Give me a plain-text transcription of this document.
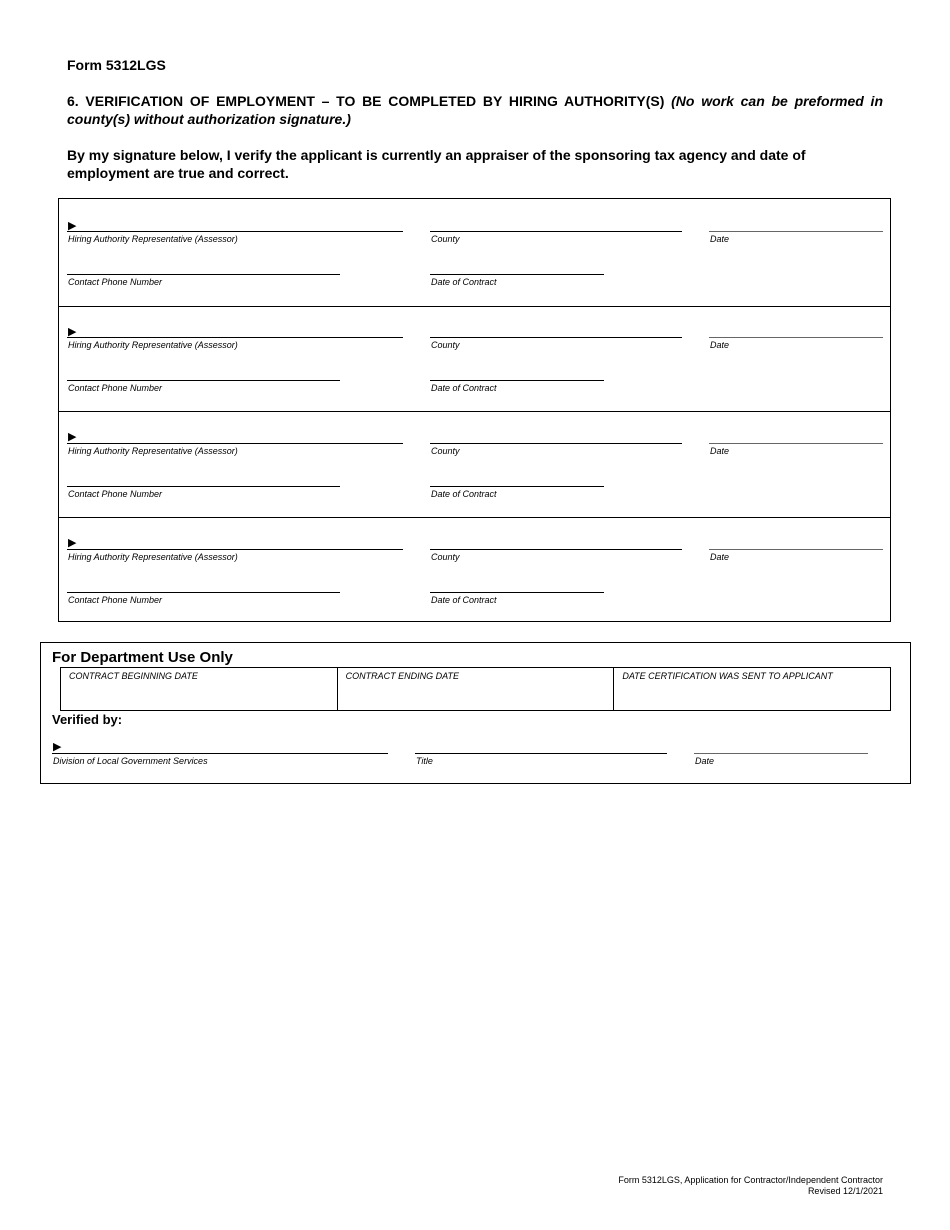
Form 5312LGS
6. VERIFICATION OF EMPLOYMENT – TO BE COMPLETED BY HIRING AUTHORITY(S) (No work can be preformed in county(s) without authorization signature.)
By my signature below, I verify the applicant is currently an appraiser of the sponsoring tax agency and date of employment are true and correct.
▶
Hiring Authority Representative (Assessor)	County	Date
Contact Phone Number	Date of Contract
▶
Hiring Authority Representative (Assessor)	County	Date
Contact Phone Number	Date of Contract
▶
Hiring Authority Representative (Assessor)	County	Date
Contact Phone Number	Date of Contract
▶
Hiring Authority Representative (Assessor)	County	Date
Contact Phone Number	Date of Contract
For Department Use Only
CONTRACT BEGINNING DATE	CONTRACT ENDING DATE	DATE CERTIFICATION WAS SENT TO APPLICANT
Verified by:
▶
Division of Local Government Services	Title	Date
Form 5312LGS, Application for Contractor/Independent Contractor
Revised 12/1/2021
